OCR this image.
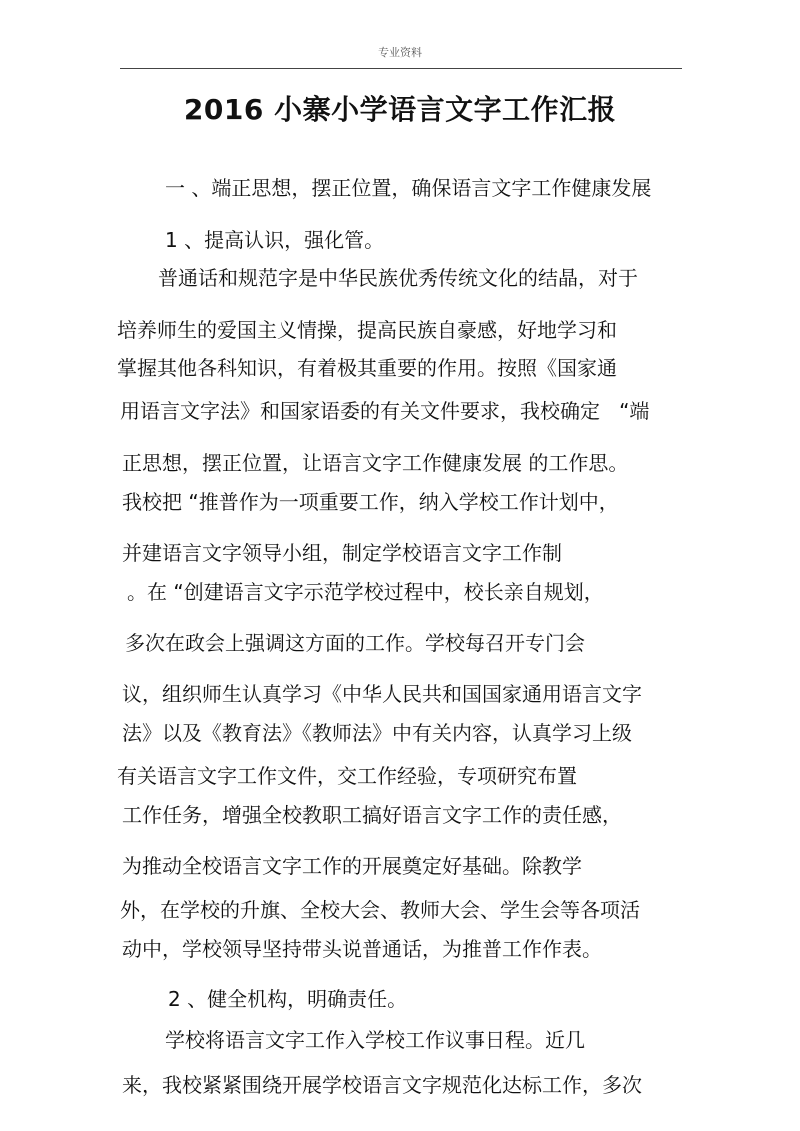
专业资料
2016 小寨小学语言文字工作汇报
一 、端正思想，摆正位置，确保语言文字工作健康发展
1 、提高认识，强化管。
普通话和规范字是中华民族优秀传统文化的结晶，对于
培养师生的爱国主义情操，提高民族自豪感，好地学习和
掌握其他各科知识，有着极其重要的作用。按照《国家通
用语言文字法》和国家语委的有关文件要求，我校确定   “端
正思想，摆正位置，让语言文字工作健康发展 的工作思。
我校把 “推普作为一项重要工作，纳入学校工作计划中，
并建语言文字领导小组，制定学校语言文字工作制
。在 “创建语言文字示范学校过程中，校长亲自规划，
多次在政会上强调这方面的工作。学校每召开专门会
议，组织师生认真学习《中华人民共和国国家通用语言文字
法》以及《教育法》《教师法》中有关内容，认真学习上级
有关语言文字工作文件，交工作经验，专项研究布置
工作任务，增强全校教职工搞好语言文字工作的责任感，
为推动全校语言文字工作的开展奠定好基础。除教学
外，在学校的升旗、全校大会、教师大会、学生会等各项活
动中，学校领导坚持带头说普通话，为推普工作作表。
2 、健全机构，明确责任。
学校将语言文字工作入学校工作议事日程。近几
来，我校紧紧围绕开展学校语言文字规范化达标工作，多次
